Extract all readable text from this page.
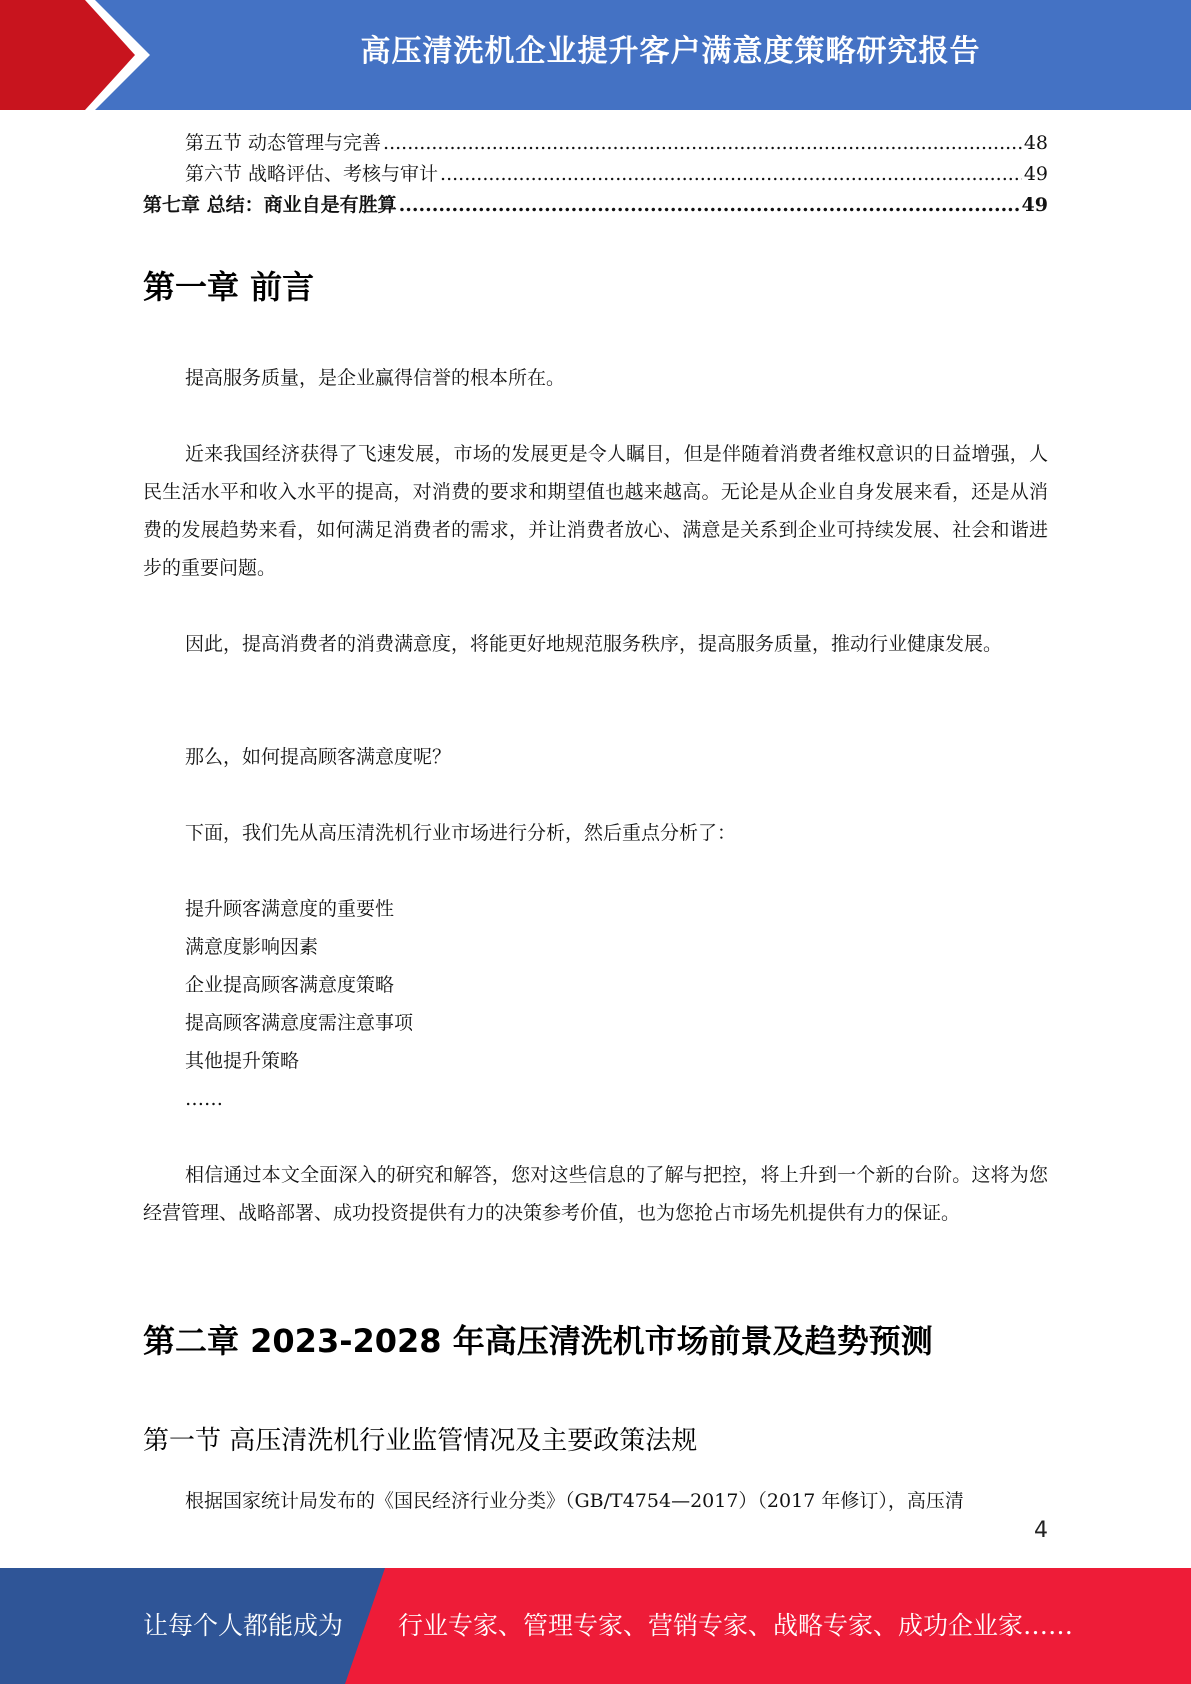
高压清洗机企业提升客户满意度策略研究报告
第五节 动态管理与完善 .....	48
第六节 战略评估、考核与审计 .....	49
第七章 总结：商业自是有胜算 .....	49
第一章 前言

提高服务质量，是企业赢得信誉的根本所在。

近来我国经济获得了飞速发展，市场的发展更是令人瞩目，但是伴随着消费者维权意识的日益增强，人民生活水平和收入水平的提高，对消费的要求和期望值也越来越高。无论是从企业自身发展来看，还是从消费的发展趋势来看，如何满足消费者的需求，并让消费者放心、满意是关系到企业可持续发展、社会和谐进步的重要问题。

因此，提高消费者的消费满意度，将能更好地规范服务秩序，提高服务质量，推动行业健康发展。

那么，如何提高顾客满意度呢？

下面，我们先从高压清洗机行业市场进行分析，然后重点分析了：

提升顾客满意度的重要性
满意度影响因素
企业提高顾客满意度策略
提高顾客满意度需注意事项
其他提升策略
……

相信通过本文全面深入的研究和解答，您对这些信息的了解与把控，将上升到一个新的台阶。这将为您经营管理、战略部署、成功投资提供有力的决策参考价值，也为您抢占市场先机提供有力的保证。

第二章 2023-2028 年高压清洗机市场前景及趋势预测
第一节 高压清洗机行业监管情况及主要政策法规

根据国家统计局发布的《国民经济行业分类》（GB/T4754—2017）（2017 年修订），高压清

4
让每个人都能成为 行业专家、管理专家、营销专家、战略专家、成功企业家……
